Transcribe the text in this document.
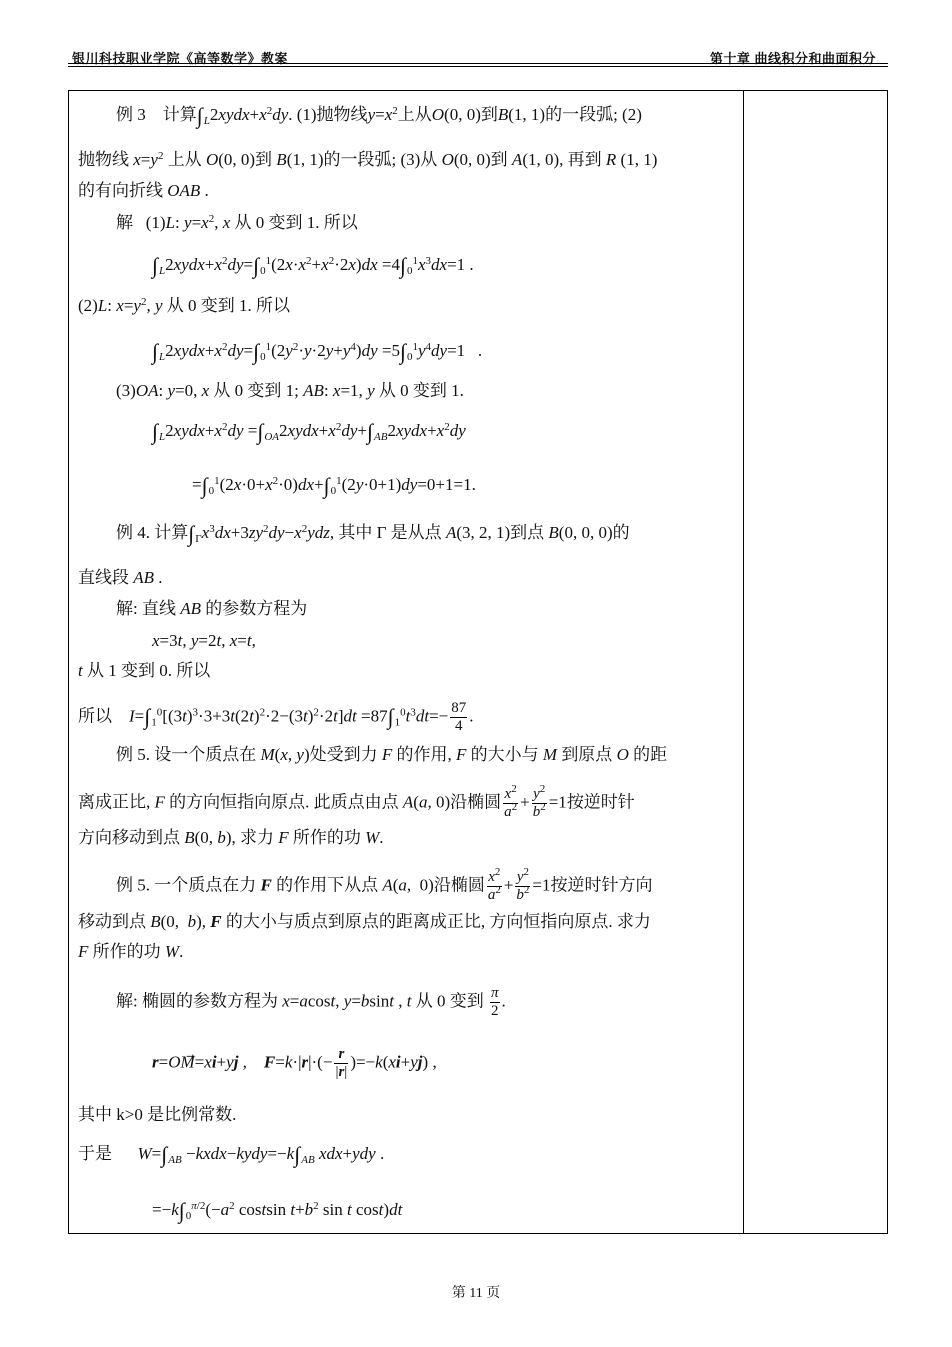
银川科技职业学院《高等数学》教案	第十章 曲线积分和曲面积分
例 3 计算$\int_L2xydx+x^2dy$. (1)抛物线$y=x^2$上从O(0, 0)到B(1, 1)的一段弧; (2)
抛物线 $x=y^2$ 上从 O(0, 0)到 B(1, 1)的一段弧; (3)从 O(0, 0)到 A(1, 0), 再到 R (1, 1)
的有向折线 OAB .
解   (1)L: $y=x^2$, x 从 0 变到 1. 所以
$\int_L2xydx+x^2dy=\int_0^1(2x\cdot x^2+x^2\cdot 2x)dx =4\int_0^1x^3dx=1$ .
(2)L: $x=y^2$, y 从 0 变到 1. 所以
$\int_L2xydx+x^2dy=\int_0^1(2y^2\cdot y\cdot 2y+y^4)dy =5\int_0^1y^4dy=1$   .
(3)OA: y=0, x 从 0 变到 1; AB: x=1, y 从 0 变到 1.
$\int_L2xydx+x^2dy$ $=\int_{OA}2xydx+x^2dy+\int_{AB}2xydx+x^2dy$
$=\int_0^1(2x\cdot 0+x^2\cdot 0)dx+\int_0^1(2y\cdot 0+1)dy=0+1=1$.
例 4. 计算$\int_\Gamma x^3dx+3zy^2dy-x^2ydz$, 其中 Γ 是从点 A(3, 2, 1)到点 B(0, 0, 0)的
直线段 AB .
解: 直线 AB 的参数方程为
x=3t, y=2t, x=t,
t 从 1 变到 0. 所以
所以 $I=\int_1^0[(3t)^3\cdot 3+3t(2t)^2\cdot 2-(3t)^2\cdot 2t]dt =87\int_1^0t^3dt=- \frac{87}{4}$ .
例 5. 设一个质点在 M(x, y)处受到力 F 的作用, F 的大小与 M 到原点 O 的距
离成正比, F 的方向恒指向原点. 此质点由点 A(a, 0)沿椭圆 $\frac{x^2}{a^2} + \frac{y^2}{b^2} =1$按逆时针
方向移动到点 B(0, b), 求力 F 所作的功 W.
例 5. 一个质点在力 F 的作用下从点 A(a,  0)沿椭圆 $\frac{x^2}{a^2} + \frac{y^2}{b^2} =1$按逆时针方向
移动到点 B(0,  b), F 的大小与质点到原点的距离成正比, 方向恒指向原点. 求力
F 所作的功 W.
解: 椭圆的参数方程为 x=acost, y=bsint , t 从 0 变到 $\frac{\pi}{2}$ .
r=OM⃗=xi+yj ,    $F=k\cdot|r|\cdot(- \frac{r}{|r|} )=-k(xi+yj)$ ,
其中 k>0 是比例常数.
于是 $W=\int_{AB}$ $-kxdx-kydy=-k\int_{AB}$ xdx+ydy .
$=-k\int_0^{\pi/2}(-a^2$ costsin $t+b^2$ sin t cost)dt
第 11 页
